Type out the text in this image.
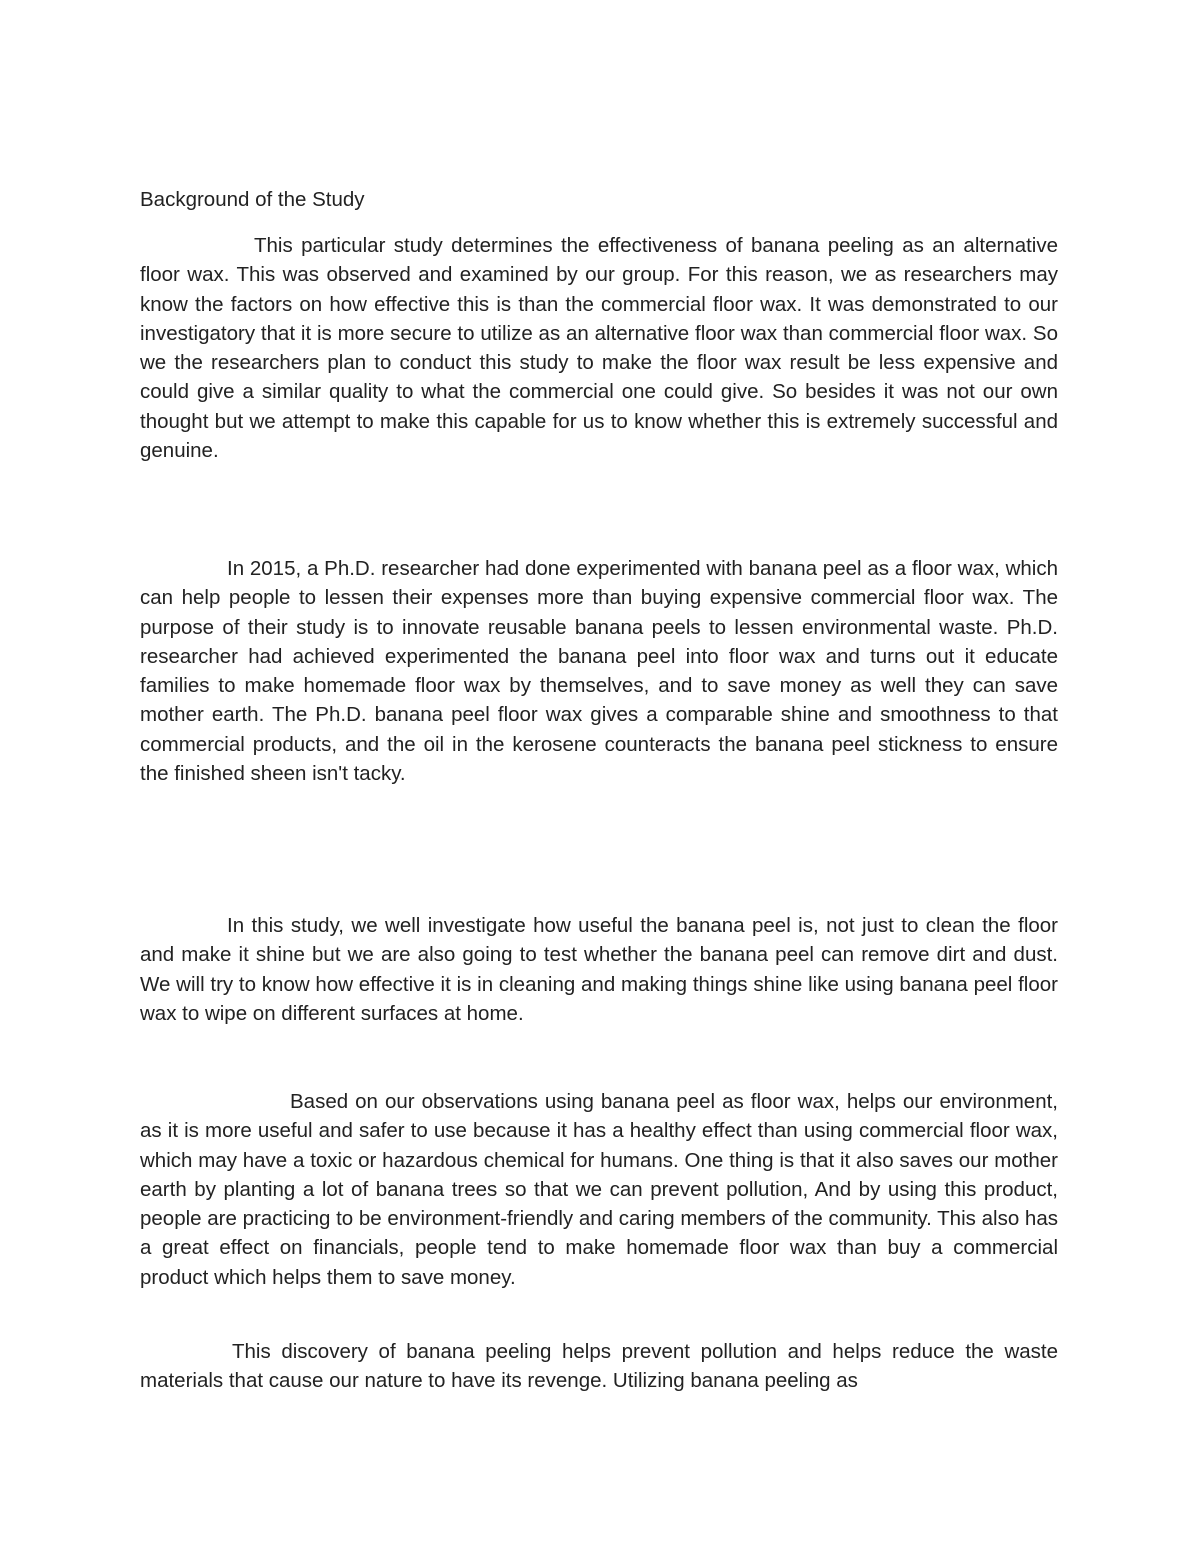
Background of the Study

This particular study determines the effectiveness of banana peeling as an alternative floor wax. This was observed and examined by our group. For this reason, we as researchers may know the factors on how effective this is than the commercial floor wax. It was demonstrated to our investigatory that it is more secure to utilize as an alternative floor wax than commercial floor wax. So we the researchers plan to conduct this study to make the floor wax result be less expensive and could give a similar quality to what the commercial one could give. So besides it was not our own thought but we attempt to make this capable for us to know whether this is extremely successful and genuine.

In 2015, a Ph.D. researcher had done experimented with banana peel as a floor wax, which can help people to lessen their expenses more than buying expensive commercial floor wax. The purpose of their study is to innovate reusable banana peels to lessen environmental waste. Ph.D. researcher had achieved experimented the banana peel into floor wax and turns out it educate families to make homemade floor wax by themselves, and to save money as well they can save mother earth. The Ph.D. banana peel floor wax gives a comparable shine and smoothness to that commercial products, and the oil in the kerosene counteracts the banana peel stickness to ensure the finished sheen isn't tacky.

In this study, we well investigate how useful the banana peel is, not just to clean the floor and make it shine but we are also going to test whether the banana peel can remove dirt and dust. We will try to know how effective it is in cleaning and making things shine like using banana peel floor wax to wipe on different surfaces at home.

Based on our observations using banana peel as floor wax, helps our environment, as it is more useful and safer to use because it has a healthy effect than using commercial floor wax, which may have a toxic or hazardous chemical for humans. One thing is that it also saves our mother earth by planting a lot of banana trees so that we can prevent pollution, And by using this product, people are practicing to be environment-friendly and caring members of the community. This also has a great effect on financials, people tend to make homemade floor wax than buy a commercial product which helps them to save money.

This discovery of banana peeling helps prevent pollution and helps reduce the waste materials that cause our nature to have its revenge. Utilizing banana peeling as
